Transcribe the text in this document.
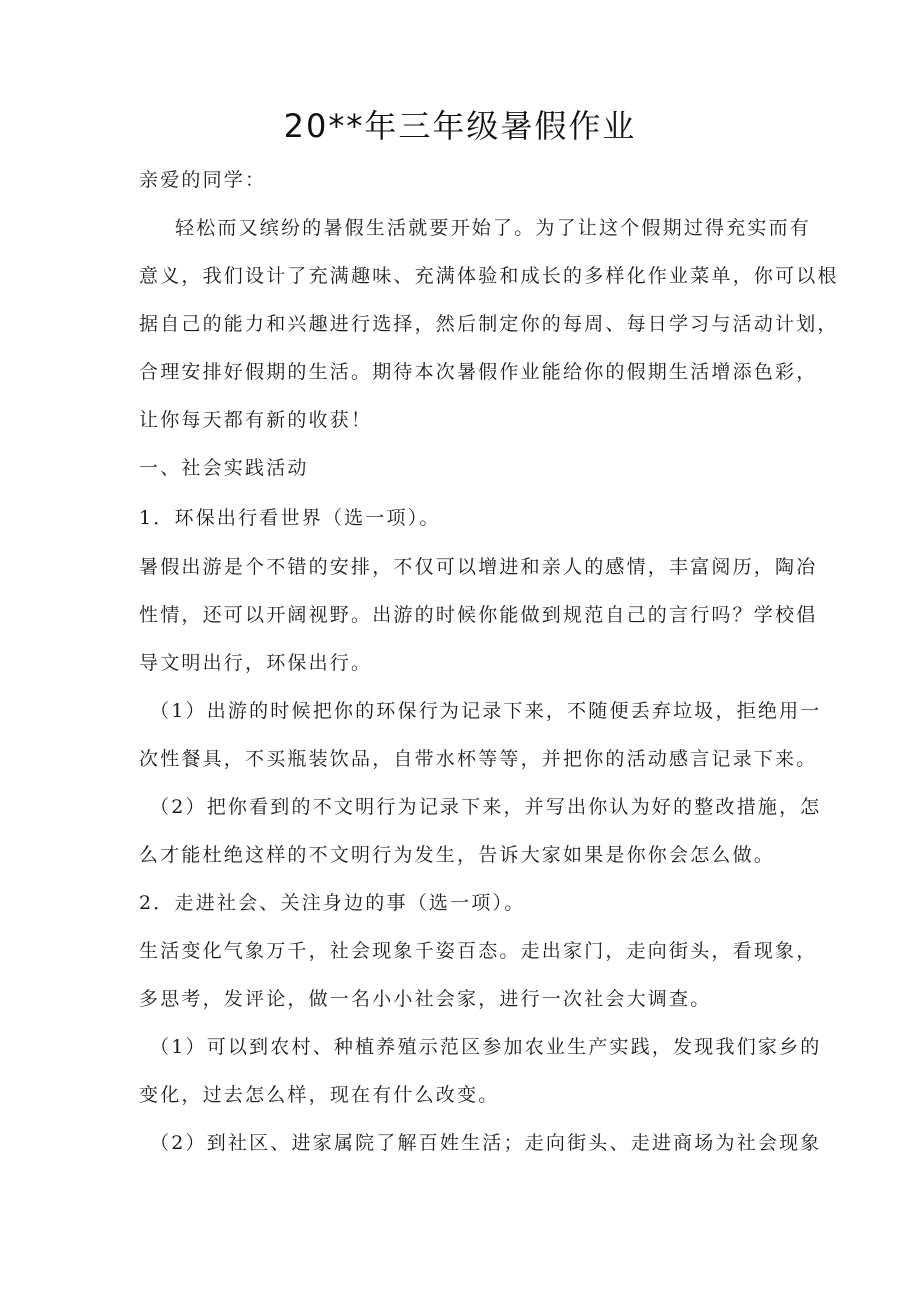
20**年三年级暑假作业
亲爱的同学：
轻松而又缤纷的暑假生活就要开始了。为了让这个假期过得充实而有
意义，我们设计了充满趣味、充满体验和成长的多样化作业菜单，你可以根
据自己的能力和兴趣进行选择，然后制定你的每周、每日学习与活动计划，
合理安排好假期的生活。期待本次暑假作业能给你的假期生活增添色彩，
让你每天都有新的收获！
一、社会实践活动
1．环保出行看世界（选一项）。
暑假出游是个不错的安排，不仅可以增进和亲人的感情，丰富阅历，陶冶
性情，还可以开阔视野。出游的时候你能做到规范自己的言行吗？学校倡
导文明出行，环保出行。
（1）出游的时候把你的环保行为记录下来，不随便丢弃垃圾，拒绝用一
次性餐具，不买瓶装饮品，自带水杯等等，并把你的活动感言记录下来。
（2）把你看到的不文明行为记录下来，并写出你认为好的整改措施，怎
么才能杜绝这样的不文明行为发生，告诉大家如果是你你会怎么做。
2．走进社会、关注身边的事（选一项）。
生活变化气象万千，社会现象千姿百态。走出家门，走向街头，看现象，
多思考，发评论，做一名小小社会家，进行一次社会大调查。
（1）可以到农村、种植养殖示范区参加农业生产实践，发现我们家乡的
变化，过去怎么样，现在有什么改变。
（2）到社区、进家属院了解百姓生活；走向街头、走进商场为社会现象
